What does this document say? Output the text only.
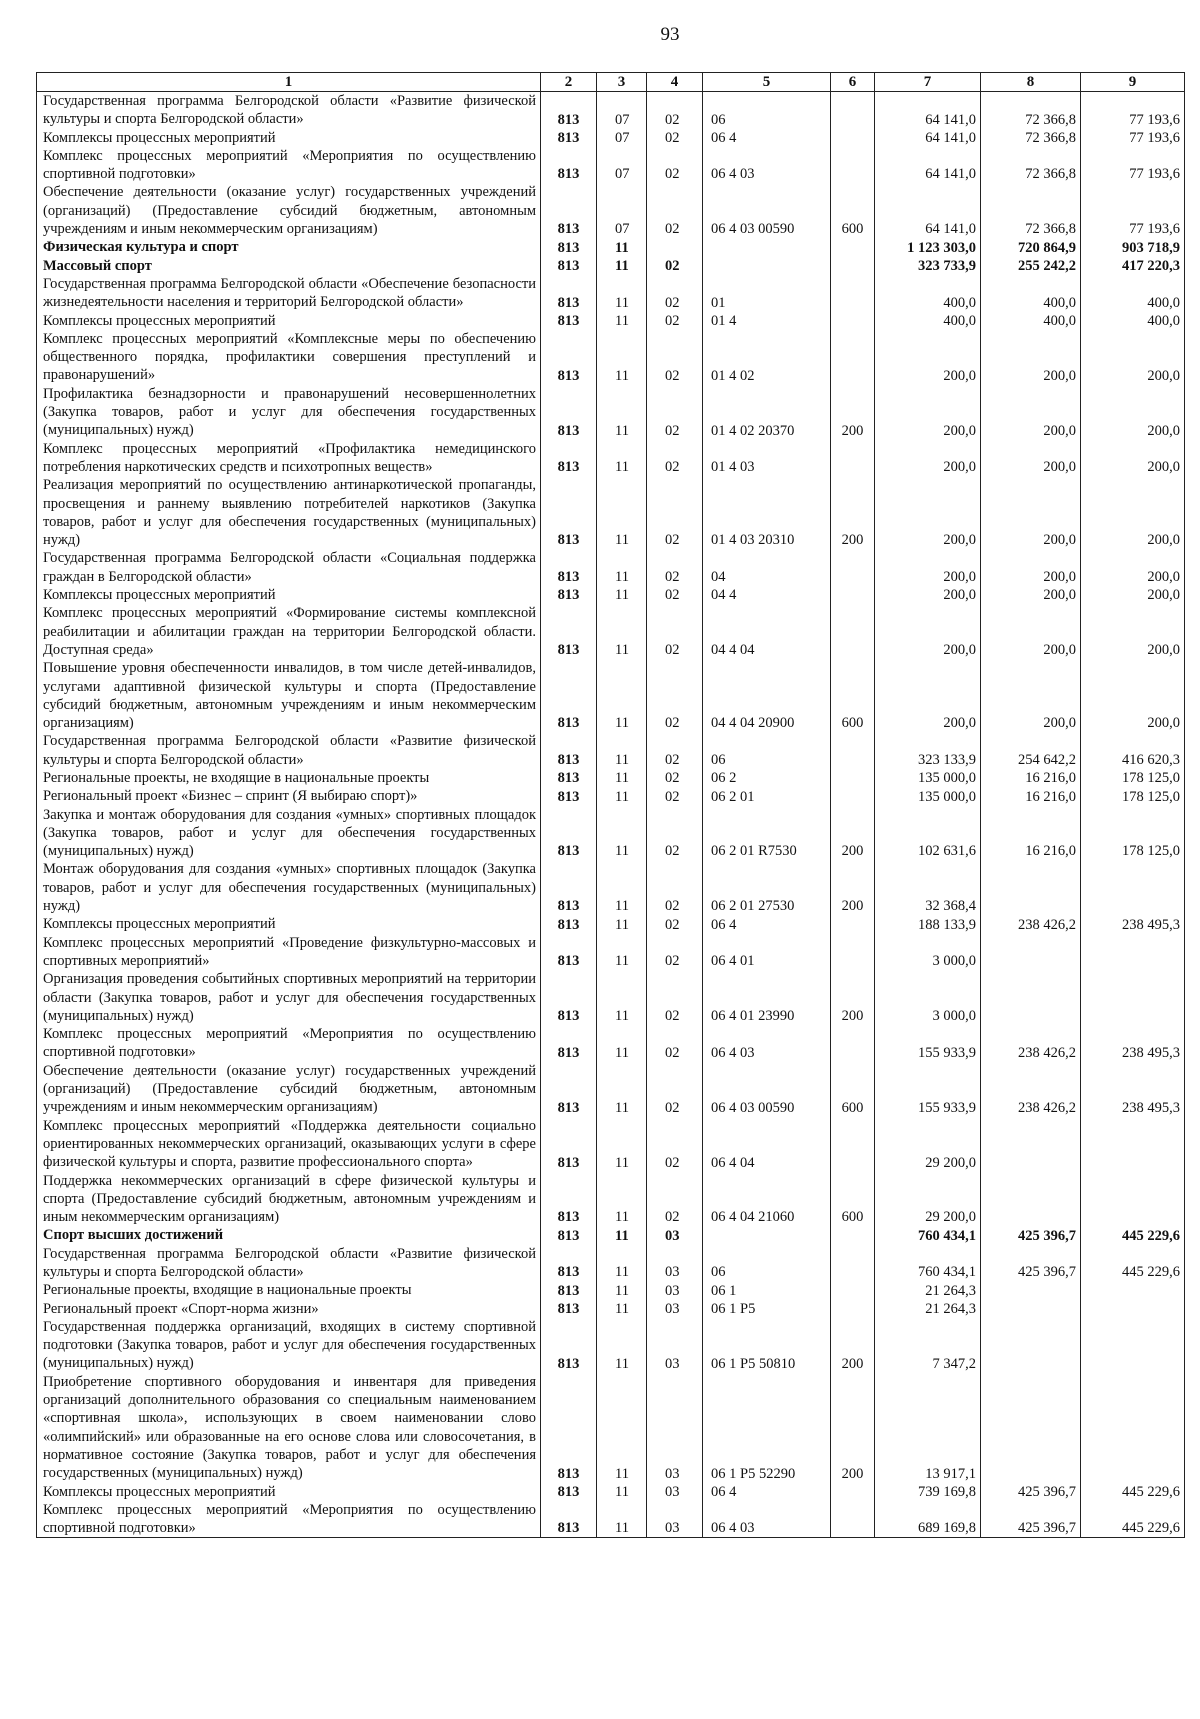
93
1	2	3	4	5	6	7	8	9
Государственная программа Белгородской области «Развитие физической культуры и спорта Белгородской области»	813	07	02	06		64 141,0	72 366,8	77 193,6
Комплексы процессных мероприятий	813	07	02	06 4		64 141,0	72 366,8	77 193,6
Комплекс процессных мероприятий «Мероприятия по осуществлению спортивной подготовки»	813	07	02	06 4 03		64 141,0	72 366,8	77 193,6
Обеспечение деятельности (оказание услуг) государственных учреждений (организаций) (Предоставление субсидий бюджетным, автономным учреждениям и иным некоммерческим организациям)	813	07	02	06 4 03 00590	600	64 141,0	72 366,8	77 193,6
Физическая культура и спорт	813	11				1 123 303,0	720 864,9	903 718,9
Массовый спорт	813	11	02			323 733,9	255 242,2	417 220,3
Государственная программа Белгородской области «Обеспечение безопасности жизнедеятельности населения и территорий Белгородской области»	813	11	02	01		400,0	400,0	400,0
Комплексы процессных мероприятий	813	11	02	01 4		400,0	400,0	400,0
Комплекс процессных мероприятий «Комплексные меры по обеспечению общественного порядка, профилактики совершения преступлений и правонарушений»	813	11	02	01 4 02		200,0	200,0	200,0
Профилактика безнадзорности и правонарушений несовершеннолетних (Закупка товаров, работ и услуг для обеспечения государственных (муниципальных) нужд)	813	11	02	01 4 02 20370	200	200,0	200,0	200,0
Комплекс процессных мероприятий «Профилактика немедицинского потребления наркотических средств и психотропных веществ»	813	11	02	01 4 03		200,0	200,0	200,0
Реализация мероприятий по осуществлению антинаркотической пропаганды, просвещения и раннему выявлению потребителей наркотиков (Закупка товаров, работ и услуг для обеспечения государственных (муниципальных) нужд)	813	11	02	01 4 03 20310	200	200,0	200,0	200,0
Государственная программа Белгородской области «Социальная поддержка граждан в Белгородской области»	813	11	02	04		200,0	200,0	200,0
Комплексы процессных мероприятий	813	11	02	04 4		200,0	200,0	200,0
Комплекс процессных мероприятий «Формирование системы комплексной реабилитации и абилитации граждан на территории Белгородской области. Доступная среда»	813	11	02	04 4 04		200,0	200,0	200,0
Повышение уровня обеспеченности инвалидов, в том числе детей-инвалидов, услугами адаптивной физической культуры и спорта (Предоставление субсидий бюджетным, автономным учреждениям и иным некоммерческим организациям)	813	11	02	04 4 04 20900	600	200,0	200,0	200,0
Государственная программа Белгородской области «Развитие физической культуры и спорта Белгородской области»	813	11	02	06		323 133,9	254 642,2	416 620,3
Региональные проекты, не входящие в национальные проекты	813	11	02	06 2		135 000,0	16 216,0	178 125,0
Региональный проект «Бизнес – спринт (Я выбираю спорт)»	813	11	02	06 2 01		135 000,0	16 216,0	178 125,0
Закупка и монтаж оборудования для создания «умных» спортивных площадок (Закупка товаров, работ и услуг для обеспечения государственных (муниципальных) нужд)	813	11	02	06 2 01 R7530	200	102 631,6	16 216,0	178 125,0
Монтаж оборудования для создания «умных» спортивных площадок (Закупка товаров, работ и услуг для обеспечения государственных (муниципальных) нужд)	813	11	02	06 2 01 27530	200	32 368,4		
Комплексы процессных мероприятий	813	11	02	06 4		188 133,9	238 426,2	238 495,3
Комплекс процессных мероприятий «Проведение физкультурно-массовых и спортивных мероприятий»	813	11	02	06 4 01		3 000,0		
Организация проведения событийных спортивных мероприятий на территории области (Закупка товаров, работ и услуг для обеспечения государственных (муниципальных) нужд)	813	11	02	06 4 01 23990	200	3 000,0		
Комплекс процессных мероприятий «Мероприятия по осуществлению спортивной подготовки»	813	11	02	06 4 03		155 933,9	238 426,2	238 495,3
Обеспечение деятельности (оказание услуг) государственных учреждений (организаций) (Предоставление субсидий бюджетным, автономным учреждениям и иным некоммерческим организациям)	813	11	02	06 4 03 00590	600	155 933,9	238 426,2	238 495,3
Комплекс процессных мероприятий «Поддержка деятельности социально ориентированных некоммерческих организаций, оказывающих услуги в сфере физической культуры и спорта, развитие профессионального спорта»	813	11	02	06 4 04		29 200,0		
Поддержка некоммерческих организаций в сфере физической культуры и спорта (Предоставление субсидий бюджетным, автономным учреждениям и иным некоммерческим организациям)	813	11	02	06 4 04 21060	600	29 200,0		
Спорт высших достижений	813	11	03			760 434,1	425 396,7	445 229,6
Государственная программа Белгородской области «Развитие физической культуры и спорта Белгородской области»	813	11	03	06		760 434,1	425 396,7	445 229,6
Региональные проекты, входящие в национальные проекты	813	11	03	06 1		21 264,3		
Региональный проект «Спорт-норма жизни»	813	11	03	06 1 P5		21 264,3		
Государственная поддержка организаций, входящих в систему спортивной подготовки (Закупка товаров, работ и услуг для обеспечения государственных (муниципальных) нужд)	813	11	03	06 1 P5 50810	200	7 347,2		
Приобретение спортивного оборудования и инвентаря для приведения организаций дополнительного образования со специальным наименованием «спортивная школа», использующих в своем наименовании слово «олимпийский» или образованные на его основе слова или словосочетания, в нормативное состояние (Закупка товаров, работ и услуг для обеспечения государственных (муниципальных) нужд)	813	11	03	06 1 P5 52290	200	13 917,1		
Комплексы процессных мероприятий	813	11	03	06 4		739 169,8	425 396,7	445 229,6
Комплекс процессных мероприятий «Мероприятия по осуществлению спортивной подготовки»	813	11	03	06 4 03		689 169,8	425 396,7	445 229,6
